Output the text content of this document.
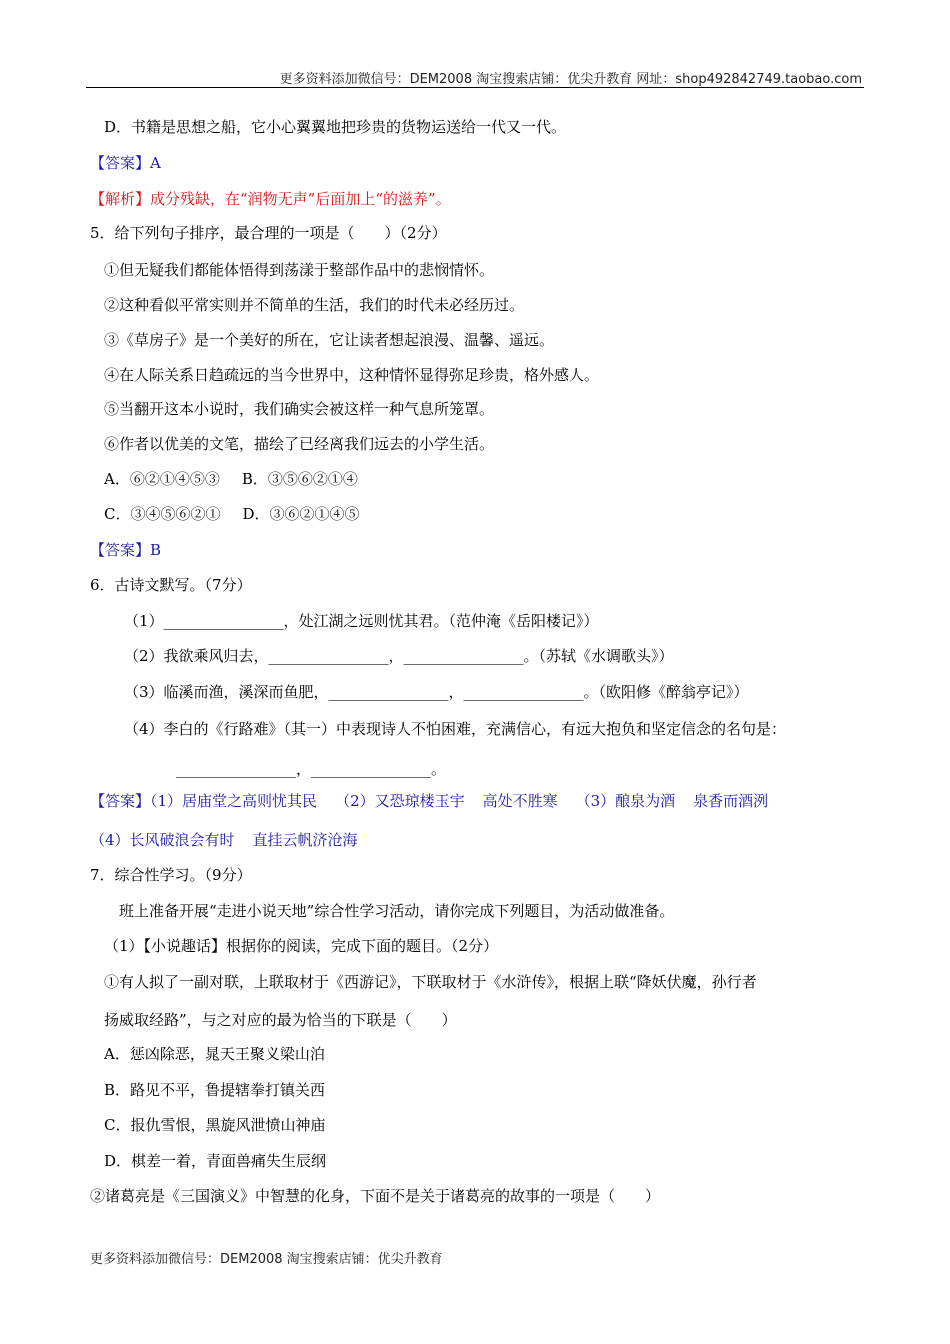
更多资料添加微信号：DEM2008 淘宝搜索店铺：优尖升教育 网址：shop492842749.taobao.com
D．书籍是思想之船，它小心翼翼地把珍贵的货物运送给一代又一代。
【答案】A
【解析】成分残缺，在“润物无声”后面加上“的滋养”。
5．给下列句子排序，最合理的一项是（　　）（2分）
①但无疑我们都能体悟得到荡漾于整部作品中的悲悯情怀。
②这种看似平常实则并不简单的生活，我们的时代未必经历过。
③《草房子》是一个美好的所在，它让读者想起浪漫、温馨、遥远。
④在人际关系日趋疏远的当今世界中，这种情怀显得弥足珍贵，格外感人。
⑤当翻开这本小说时，我们确实会被这样一种气息所笼罩。
⑥作者以优美的文笔，描绘了已经离我们远去的小学生活。
A．⑥②①④⑤③ B．③⑤⑥②①④
C．③④⑤⑥②① D．③⑥②①④⑤
【答案】B
6．古诗文默写。（7分）
（1）________________，处江湖之远则忧其君。（范仲淹《岳阳楼记》）
（2）我欲乘风归去，________________，________________。（苏轼《水调歌头》）
（3）临溪而渔，溪深而鱼肥，________________，________________。（欧阳修《醉翁亭记》）
（4）李白的《行路难》（其一）中表现诗人不怕困难，充满信心，有远大抱负和坚定信念的名句是：
________________，________________。
【答案】（1）居庙堂之高则忧其民 （2）又恐琼楼玉宇 高处不胜寒 （3）酿泉为酒 泉香而酒洌
（4）长风破浪会有时 直挂云帆济沧海
7．综合性学习。（9分）
班上准备开展“走进小说天地”综合性学习活动，请你完成下列题目，为活动做准备。
（1）【小说趣话】根据你的阅读，完成下面的题目。（2分）
①有人拟了一副对联，上联取材于《西游记》，下联取材于《水浒传》，根据上联“降妖伏魔，孙行者
扬威取经路”，与之对应的最为恰当的下联是（　　）
A．惩凶除恶，晁天王聚义梁山泊
B．路见不平，鲁提辖拳打镇关西
C．报仇雪恨，黑旋风泄愤山神庙
D．棋差一着，青面兽痛失生辰纲
②诸葛亮是《三国演义》中智慧的化身，下面不是关于诸葛亮的故事的一项是（　　）
更多资料添加微信号：DEM2008 淘宝搜索店铺：优尖升教育
